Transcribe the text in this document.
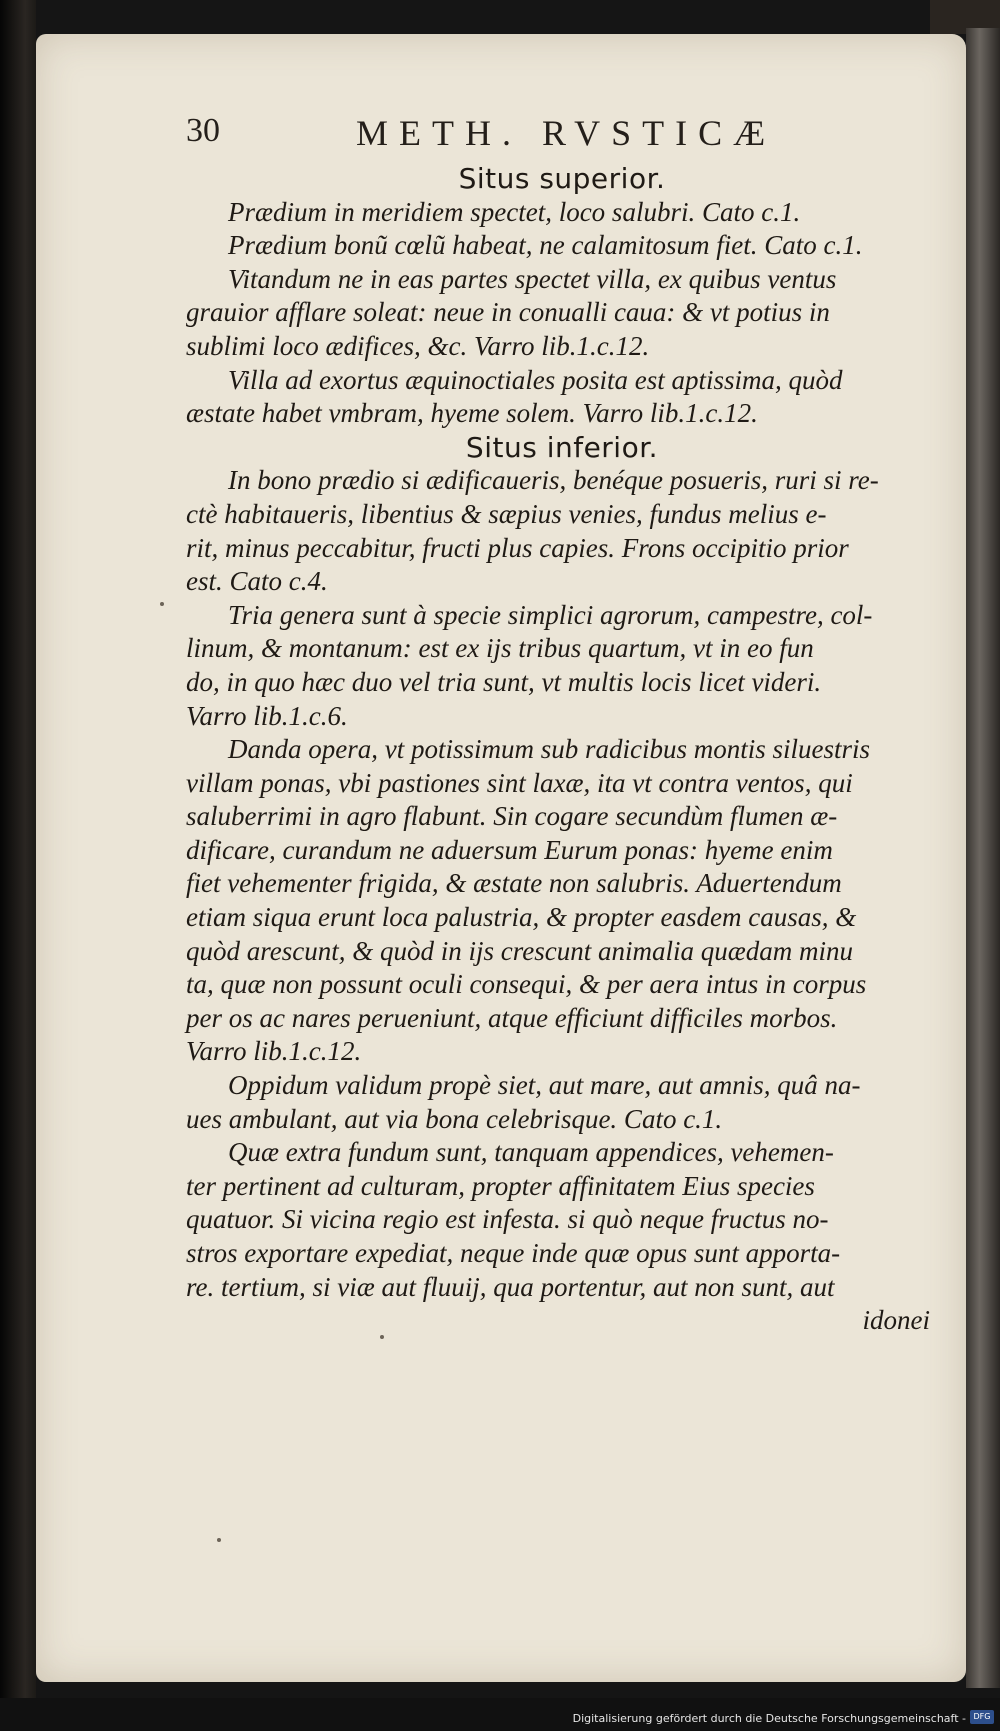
30	METH. RVSTICÆ
Situs superior.
Prædium in meridiem spectet, loco salubri. Cato c.1.
Prædium bonũ cœlũ habeat, ne calamitosum fiet. Cato c.1.
Vitandum ne in eas partes spectet villa, ex quibus ventus
grauior afflare soleat: neue in conualli caua: & vt potius in
sublimi loco ædifices, &c. Varro lib.1.c.12.
Villa ad exortus æquinoctiales posita est aptissima, quòd
æstate habet vmbram, hyeme solem. Varro lib.1.c.12.
Situs inferior.
In bono prædio si ædificaueris, benéque posueris, ruri si re-
ctè habitaueris, libentius & sæpius venies, fundus melius e-
rit, minus peccabitur, fructi plus capies. Frons occipitio prior
est. Cato c.4.
Tria genera sunt à specie simplici agrorum, campestre, col-
linum, & montanum: est ex ijs tribus quartum, vt in eo fun
do, in quo hæc duo vel tria sunt, vt multis locis licet videri.
Varro lib.1.c.6.
Danda opera, vt potissimum sub radicibus montis siluestris
villam ponas, vbi pastiones sint laxæ, ita vt contra ventos, qui
saluberrimi in agro flabunt. Sin cogare secundùm flumen æ-
dificare, curandum ne aduersum Eurum ponas: hyeme enim
fiet vehementer frigida, & æstate non salubris. Aduertendum
etiam siqua erunt loca palustria, & propter easdem causas, &
quòd arescunt, & quòd in ijs crescunt animalia quædam minu
ta, quæ non possunt oculi consequi, & per aera intus in corpus
per os ac nares perueniunt, atque efficiunt difficiles morbos.
Varro lib.1.c.12.
Oppidum validum propè siet, aut mare, aut amnis, quâ na-
ues ambulant, aut via bona celebrisque. Cato c.1.
Quæ extra fundum sunt, tanquam appendices, vehemen-
ter pertinent ad culturam, propter affinitatem Eius species
quatuor. Si vicina regio est infesta. si quò neque fructus no-
stros exportare expediat, neque inde quæ opus sunt apporta-
re. tertium, si viæ aut fluuij, qua portentur, aut non sunt, aut
idonei
Digitalisierung gefördert durch die Deutsche Forschungsgemeinschaft - DFG
